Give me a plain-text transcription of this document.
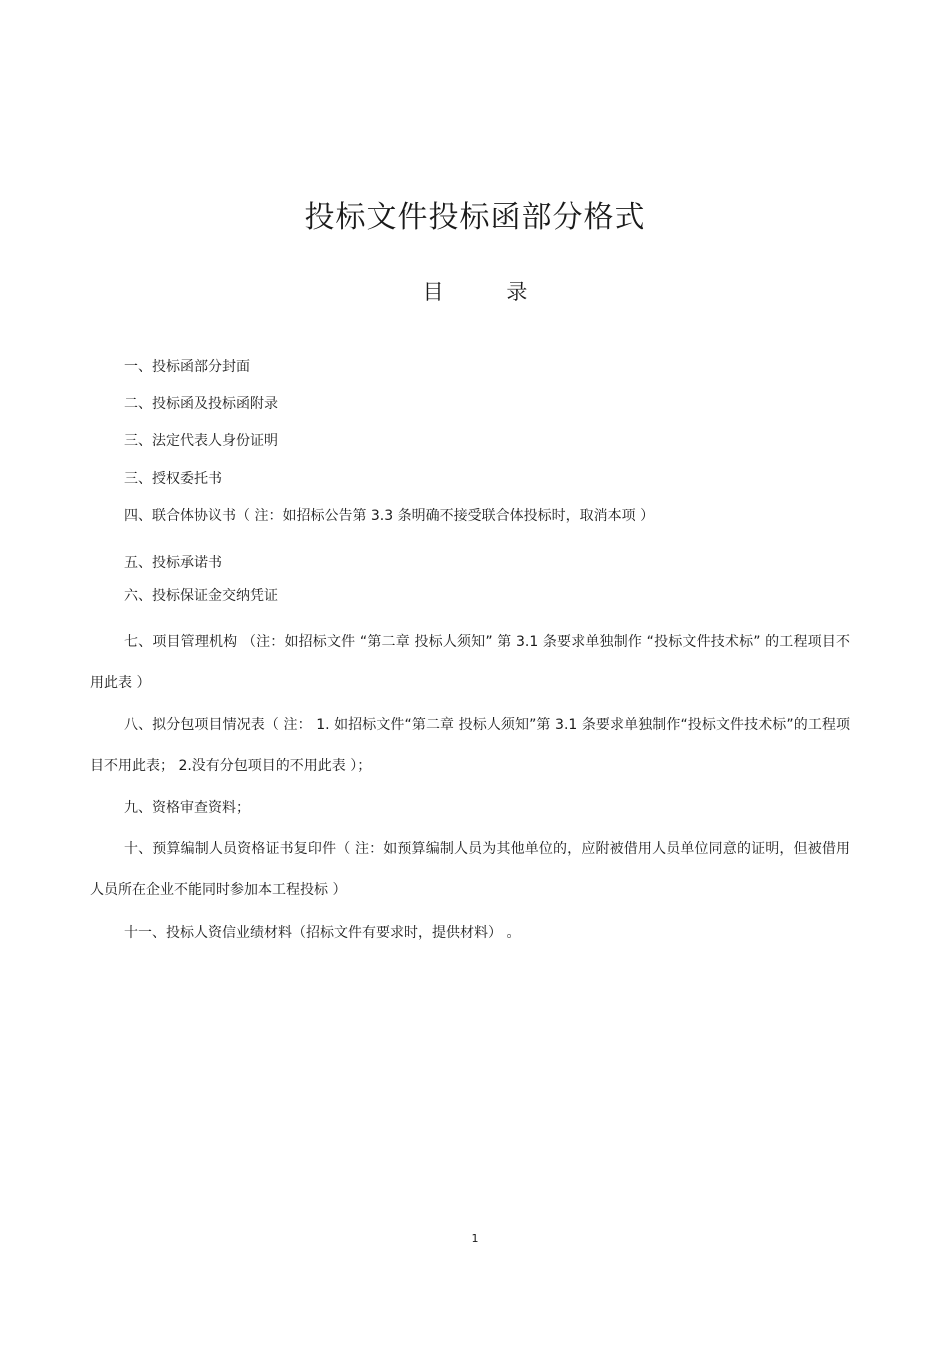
投标文件投标函部分格式
目 录
一、投标函部分封面
二、投标函及投标函附录
三、法定代表人身份证明
三、授权委托书
四、联合体协议书（ 注：如招标公告第 3.3 条明确不接受联合体投标时，取消本项 ）
五、投标承诺书
六、投标保证金交纳凭证
七、项目管理机构 （注：如招标文件 “第二章 投标人须知” 第 3.1 条要求单独制作 “投标文件技术标” 的工程项目不用此表 ）
八、拟分包项目情况表（ 注： 1. 如招标文件“第二章 投标人须知”第 3.1 条要求单独制作“投标文件技术标”的工程项目不用此表； 2.没有分包项目的不用此表 ）；
九、资格审查资料；
十、预算编制人员资格证书复印件（ 注：如预算编制人员为其他单位的，应附被借用人员单位同意的证明，但被借用人员所在企业不能同时参加本工程投标 ）
十一、投标人资信业绩材料（招标文件有要求时，提供材料） 。
1
